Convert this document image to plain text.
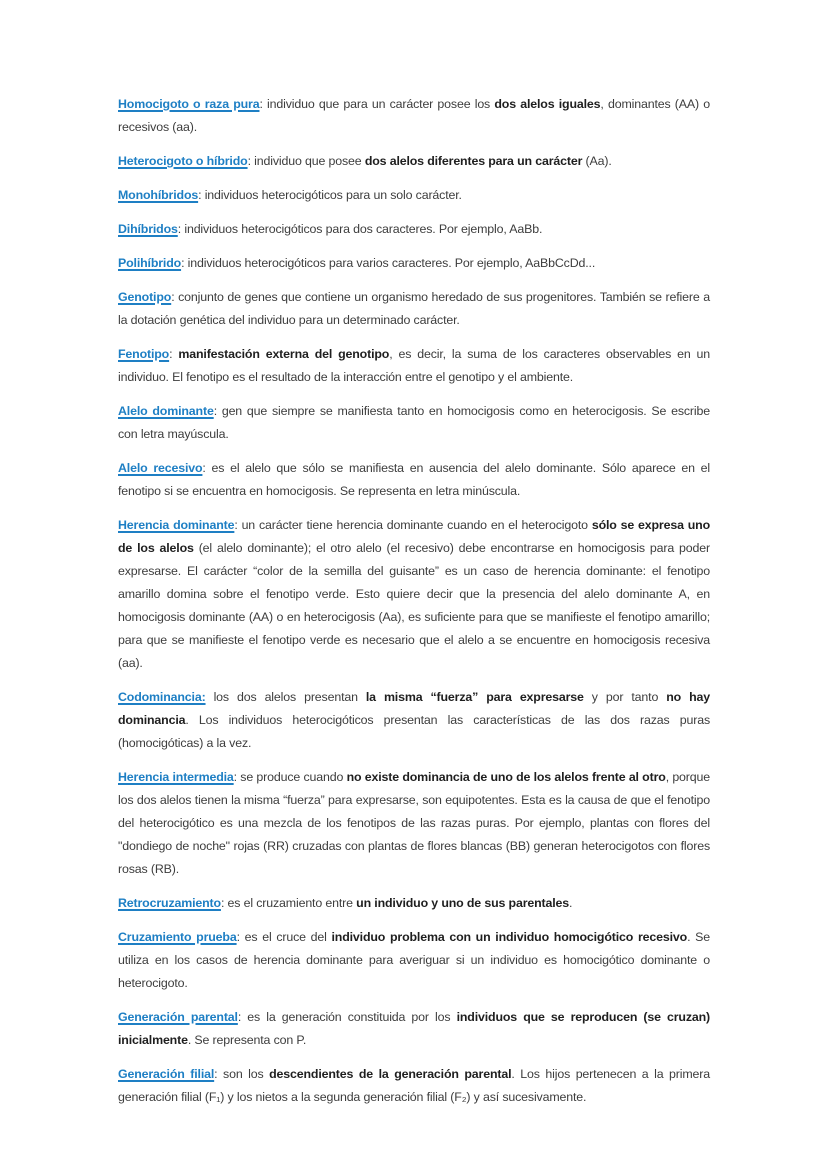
Homocigoto o raza pura: individuo que para un carácter posee los dos alelos iguales, dominantes (AA) o recesivos (aa).

Heterocigoto o híbrido: individuo que posee dos alelos diferentes para un carácter (Aa).

Monohíbridos: individuos heterocigóticos para un solo carácter.

Dihíbridos: individuos heterocigóticos para dos caracteres. Por ejemplo, AaBb.

Polihíbrido: individuos heterocigóticos para varios caracteres. Por ejemplo, AaBbCcDd...

Genotipo: conjunto de genes que contiene un organismo heredado de sus progenitores. También se refiere a la dotación genética del individuo para un determinado carácter.

Fenotipo: manifestación externa del genotipo, es decir, la suma de los caracteres observables en un individuo. El fenotipo es el resultado de la interacción entre el genotipo y el ambiente.

Alelo dominante: gen que siempre se manifiesta tanto en homocigosis como en heterocigosis. Se escribe con letra mayúscula.

Alelo recesivo: es el alelo que sólo se manifiesta en ausencia del alelo dominante. Sólo aparece en el fenotipo si se encuentra en homocigosis. Se representa en letra minúscula.

Herencia dominante: un carácter tiene herencia dominante cuando en el heterocigoto sólo se expresa uno de los alelos (el alelo dominante); el otro alelo (el recesivo) debe encontrarse en homocigosis para poder expresarse. El carácter “color de la semilla del guisante” es un caso de herencia dominante: el fenotipo amarillo domina sobre el fenotipo verde. Esto quiere decir que la presencia del alelo dominante A, en homocigosis dominante (AA) o en heterocigosis (Aa), es suficiente para que se manifieste el fenotipo amarillo; para que se manifieste el fenotipo verde es necesario que el alelo a se encuentre en homocigosis recesiva (aa).

Codominancia: los dos alelos presentan la misma “fuerza” para expresarse y por tanto no hay dominancia. Los individuos heterocigóticos presentan las características de las dos razas puras (homocigóticas) a la vez.

Herencia intermedia: se produce cuando no existe dominancia de uno de los alelos frente al otro, porque los dos alelos tienen la misma “fuerza” para expresarse, son equipotentes. Esta es la causa de que el fenotipo del heterocigótico es una mezcla de los fenotipos de las razas puras. Por ejemplo, plantas con flores del "dondiego de noche" rojas (RR) cruzadas con plantas de flores blancas (BB) generan heterocigotos con flores rosas (RB).

Retrocruzamiento: es el cruzamiento entre un individuo y uno de sus parentales.

Cruzamiento prueba: es el cruce del individuo problema con un individuo homocigótico recesivo. Se utiliza en los casos de herencia dominante para averiguar si un individuo es homocigótico dominante o heterocigoto.

Generación parental: es la generación constituida por los individuos que se reproducen (se cruzan) inicialmente. Se representa con P.

Generación filial: son los descendientes de la generación parental. Los hijos pertenecen a la primera generación filial (F₁) y los nietos a la segunda generación filial (F₂) y así sucesivamente.
